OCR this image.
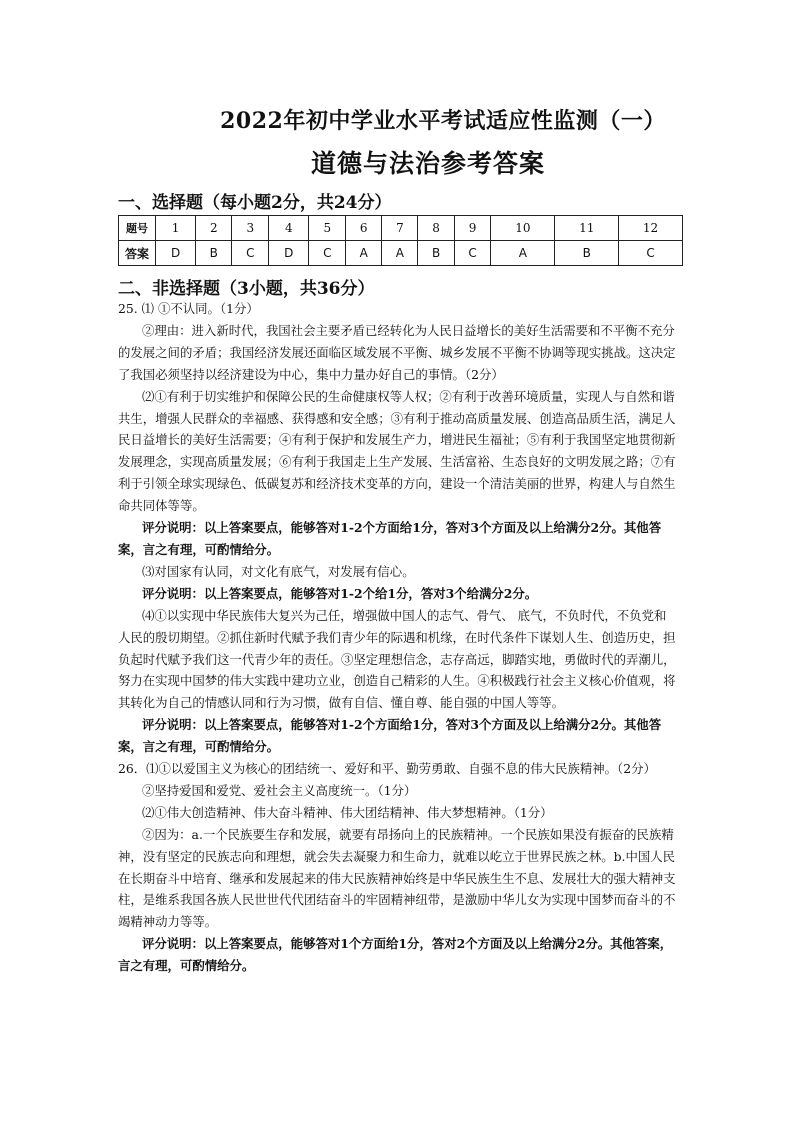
2022年初中学业水平考试适应性监测（一）
道德与法治参考答案
一、选择题（每小题2分，共24分）
题号	1	2	3	4	5	6	7	8	9	10	11	12
答案	D	B	C	D	C	A	A	B	C	A	B	C
二、非选择题（3小题，共36分）

25. ⑴ ①不认同。（1分）

②理由：进入新时代，我国社会主要矛盾已经转化为人民日益增长的美好生活需要和不平衡不充分的发展之间的矛盾；我国经济发展还面临区域发展不平衡、城乡发展不平衡不协调等现实挑战。这决定了我国必须坚持以经济建设为中心，集中力量办好自己的事情。（2分）

⑵①有利于切实维护和保障公民的生命健康权等人权；②有利于改善环境质量，实现人与自然和谐共生，增强人民群众的幸福感、获得感和安全感；③有利于推动高质量发展、创造高品质生活，满足人民日益增长的美好生活需要；④有利于保护和发展生产力，增进民生福祉；⑤有利于我国坚定地贯彻新发展理念，实现高质量发展；⑥有利于我国走上生产发展、生活富裕、生态良好的文明发展之路；⑦有利于引领全球实现绿色、低碳复苏和经济技术变革的方向，建设一个清洁美丽的世界，构建人与自然生命共同体等等。

评分说明：以上答案要点，能够答对1-2个方面给1分，答对3个方面及以上给满分2分。其他答案，言之有理，可酌情给分。

⑶对国家有认同，对文化有底气，对发展有信心。

评分说明：以上答案要点，能够答对1-2个给1分，答对3个给满分2分。

⑷①以实现中华民族伟大复兴为己任，增强做中国人的志气、骨气、 底气，不负时代，不负党和人民的殷切期望。②抓住新时代赋予我们青少年的际遇和机缘，在时代条件下谋划人生、创造历史，担负起时代赋予我们这一代青少年的责任。③坚定理想信念，志存高远，脚踏实地，勇做时代的弄潮儿，努力在实现中国梦的伟大实践中建功立业，创造自己精彩的人生。④积极践行社会主义核心价值观，将其转化为自己的情感认同和行为习惯，做有自信、懂自尊、能自强的中国人等等。

评分说明：以上答案要点，能够答对1-2个方面给1分，答对3个方面及以上给满分2分。其他答案，言之有理，可酌情给分。

26．⑴①以爱国主义为核心的团结统一、爱好和平、勤劳勇敢、自强不息的伟大民族精神。（2分）

②坚持爱国和爱党、爱社会主义高度统一。（1分）

⑵①伟大创造精神、伟大奋斗精神、伟大团结精神、伟大梦想精神。（1分）

②因为：a.一个民族要生存和发展，就要有昂扬向上的民族精神。一个民族如果没有振奋的民族精神，没有坚定的民族志向和理想，就会失去凝聚力和生命力，就难以屹立于世界民族之林。b.中国人民在长期奋斗中培育、继承和发展起来的伟大民族精神始终是中华民族生生不息、发展壮大的强大精神支柱，是维系我国各族人民世世代代团结奋斗的牢固精神纽带，是激励中华儿女为实现中国梦而奋斗的不竭精神动力等等。

评分说明：以上答案要点，能够答对1个方面给1分，答对2个方面及以上给满分2分。其他答案，言之有理，可酌情给分。
